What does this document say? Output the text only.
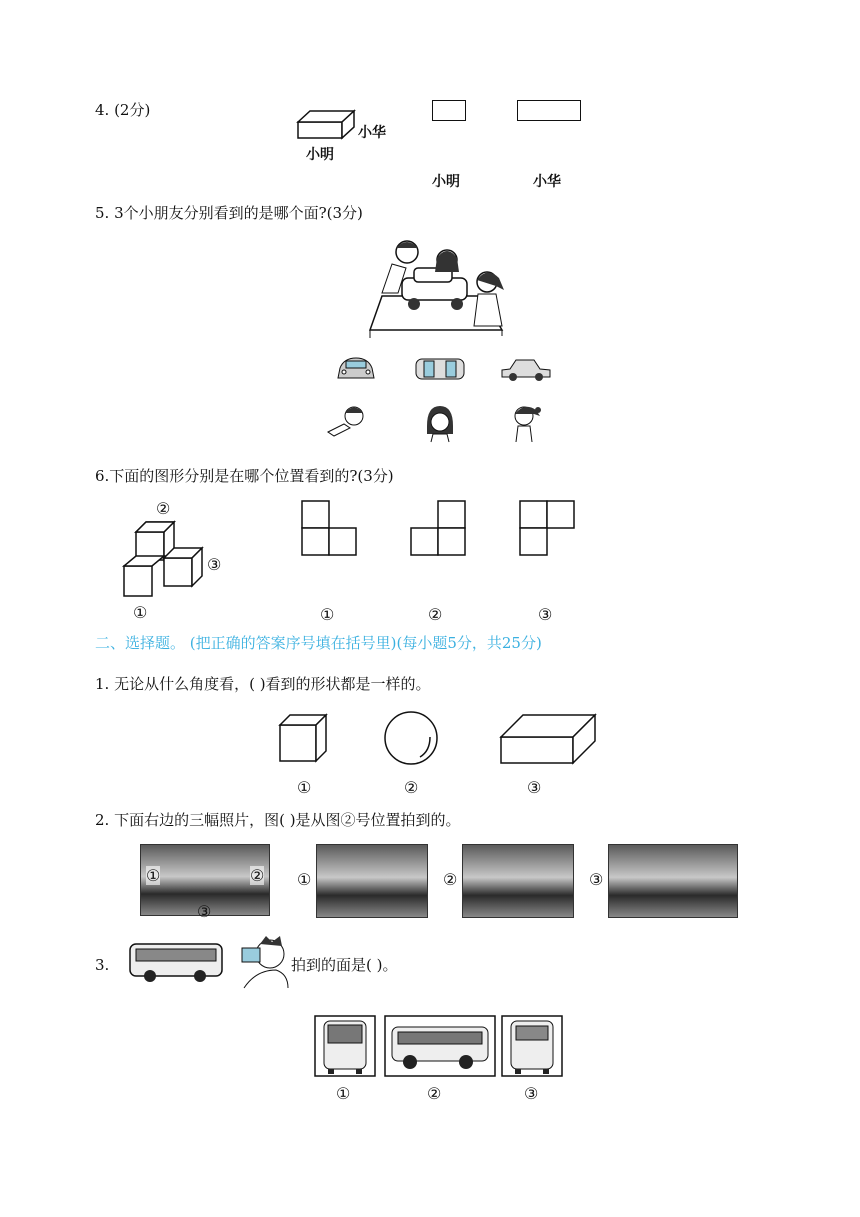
4. (2分)
小华
小明
小明	小华
5. 3个小朋友分别看到的是哪个面?(3分)
6.下面的图形分别是在哪个位置看到的?(3分)
②
③
①	①	②	③
二、选择题。 (把正确的答案序号填在括号里)(每小题5分，共25分)
1. 无论从什么角度看，( )看到的形状都是一样的。
①	②	③
2. 下面右边的三幅照片，图( )是从图②号位置拍到的。
①	②
③
①	②	③
3.	拍到的面是( )。
①	②	③
